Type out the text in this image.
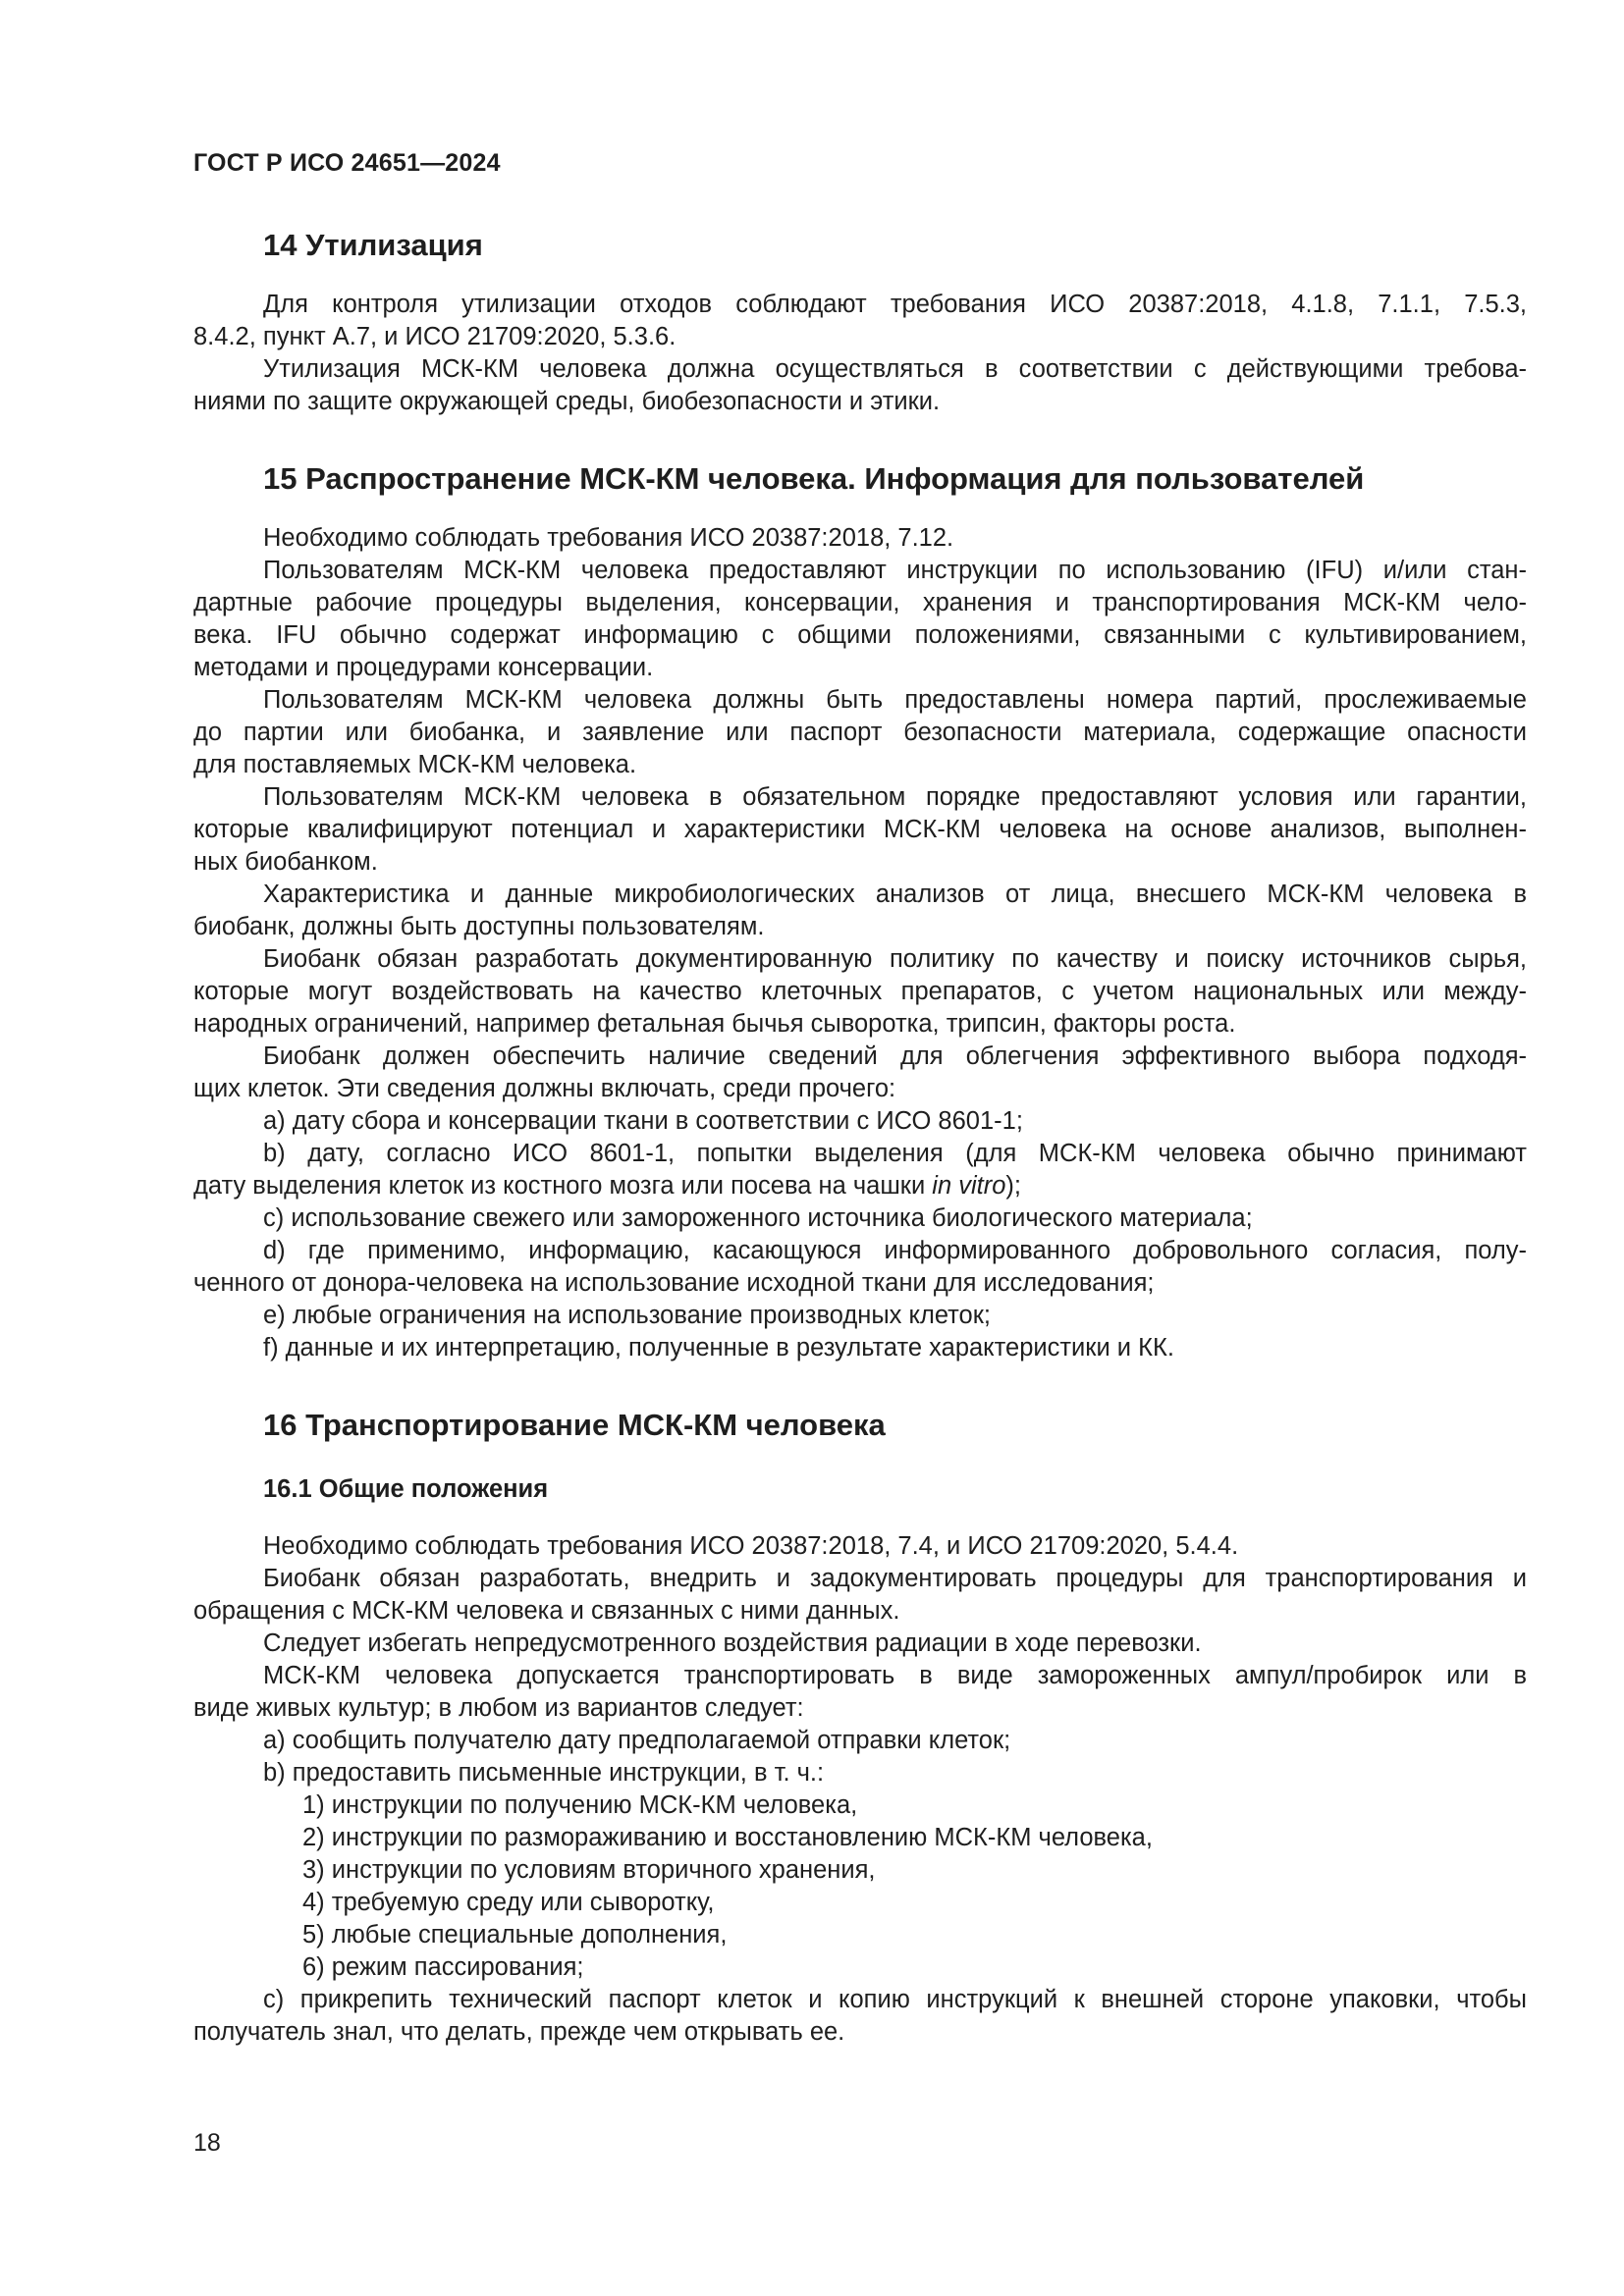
ГОСТ Р ИСО 24651—2024
14 Утилизация
Для контроля утилизации отходов соблюдают требования ИСО 20387:2018, 4.1.8, 7.1.1, 7.5.3,
8.4.2, пункт А.7, и ИСО 21709:2020, 5.3.6.
Утилизация МСК-КМ человека должна осуществляться в соответствии с действующими требова-
ниями по защите окружающей среды, биобезопасности и этики.
15 Распространение МСК-КМ человека. Информация для пользователей
Необходимо соблюдать требования ИСО 20387:2018, 7.12.
Пользователям МСК-КМ человека предоставляют инструкции по использованию (IFU) и/или стан-
дартные рабочие процедуры выделения, консервации, хранения и транспортирования МСК-КМ чело-
века. IFU обычно содержат информацию с общими положениями, связанными с культивированием,
методами и процедурами консервации.
Пользователям МСК-КМ человека должны быть предоставлены номера партий, прослеживаемые
до партии или биобанка, и заявление или паспорт безопасности материала, содержащие опасности
для поставляемых МСК-КМ человека.
Пользователям МСК-КМ человека в обязательном порядке предоставляют условия или гарантии,
которые квалифицируют потенциал и характеристики МСК-КМ человека на основе анализов, выполнен-
ных биобанком.
Характеристика и данные микробиологических анализов от лица, внесшего МСК-КМ человека в
биобанк, должны быть доступны пользователям.
Биобанк обязан разработать документированную политику по качеству и поиску источников сырья,
которые могут воздействовать на качество клеточных препаратов, с учетом национальных или между-
народных ограничений, например фетальная бычья сыворотка, трипсин, факторы роста.
Биобанк должен обеспечить наличие сведений для облегчения эффективного выбора подходя-
щих клеток. Эти сведения должны включать, среди прочего:
a) дату сбора и консервации ткани в соответствии с ИСО 8601-1;
b) дату, согласно ИСО 8601-1, попытки выделения (для МСК-КМ человека обычно принимают
дату выделения клеток из костного мозга или посева на чашки in vitro);
c) использование свежего или замороженного источника биологического материала;
d) где применимо, информацию, касающуюся информированного добровольного согласия, полу-
ченного от донора-человека на использование исходной ткани для исследования;
e) любые ограничения на использование производных клеток;
f) данные и их интерпретацию, полученные в результате характеристики и КК.
16 Транспортирование МСК-КМ человека
16.1 Общие положения
Необходимо соблюдать требования ИСО 20387:2018, 7.4, и ИСО 21709:2020, 5.4.4.
Биобанк обязан разработать, внедрить и задокументировать процедуры для транспортирования и
обращения с МСК-КМ человека и связанных с ними данных.
Следует избегать непредусмотренного воздействия радиации в ходе перевозки.
МСК-КМ человека допускается транспортировать в виде замороженных ампул/пробирок или в
виде живых культур; в любом из вариантов следует:
a) сообщить получателю дату предполагаемой отправки клеток;
b) предоставить письменные инструкции, в т. ч.:
1) инструкции по получению МСК-КМ человека,
2) инструкции по размораживанию и восстановлению МСК-КМ человека,
3) инструкции по условиям вторичного хранения,
4) требуемую среду или сыворотку,
5) любые специальные дополнения,
6) режим пассирования;
c) прикрепить технический паспорт клеток и копию инструкций к внешней стороне упаковки, чтобы
получатель знал, что делать, прежде чем открывать ее.
18
